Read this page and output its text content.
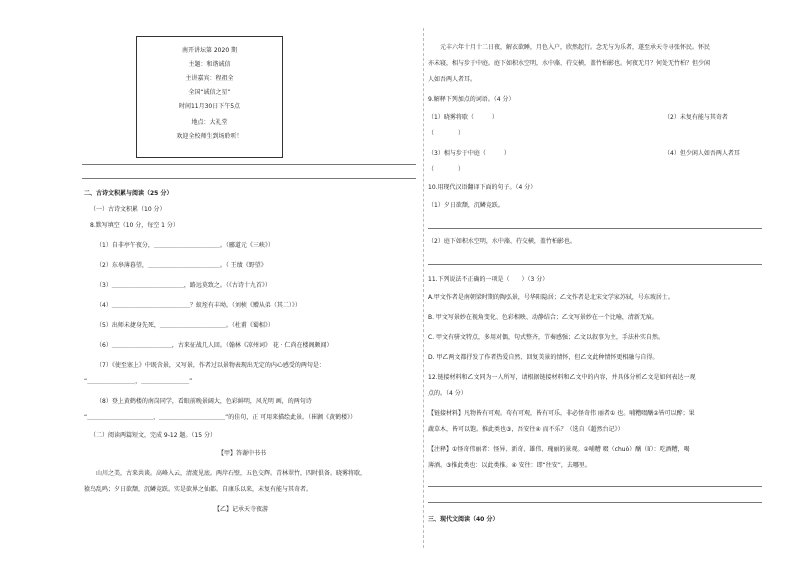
南开讲坛第 2020 期
主题：和谐诚信
主讲嘉宾：程祖全
全国“诚信之星”
时间11月30日下午5点
地点：大礼堂
欢迎全校师生到场聆听！
二、古诗文积累与阅读（25 分）
（一）古诗文积累（10 分）
8.默写填空（10 分，每空 1 分）
（1）自非亭午夜分，＿＿＿＿＿＿＿＿＿＿＿。（郦道元《三峡》）
（2）东皋薄暮望，＿＿＿＿＿＿＿＿＿＿＿＿。（ 王绩《野望》
（3）＿＿＿＿＿＿＿＿＿＿＿＿，路远莫致之。（《古诗十九首》）
（4）＿＿＿＿＿＿＿＿＿＿＿＿＿？蚁垤有丰坳。（刘桢《赠从弟（其二）》）
（5）出师未捷身先死，＿＿＿＿＿＿＿＿＿＿＿。（杜甫《蜀相》）
（6）＿＿＿＿＿＿＿＿＿＿，古来征战几人回。（翰林《凉州词》 花 · 仁尚在楼阁颇闻）
（7）《使至塞上》中既含景，又写景，作者过以景物表现出无定的内心感受的两句是：
“＿＿＿＿＿＿＿＿，＿＿＿＿＿＿＿＿”
（8）登上黄鹤楼的南岗同学，看眼前晚景阔大，色彩鲜明，风光明 画，的两句诗
“＿＿＿＿＿＿＿＿＿＿＿，＿＿＿＿＿＿＿＿＿＿＿”的佳句，正 可用来描绘此景。（崔颢《黄鹤楼》）
（二）阅读两篇短文，完成 9-12 题。（15 分）
【甲】答谢中书书
山川之美，古来共谈。高峰入云，清流见底。两岸石壁，五色交辉。青林翠竹，四时俱备。晓雾将歇，
猿鸟乱鸣；夕日欲颓，沉鳞竞跃。实是欲界之仙都。自康乐以来，未复有能与其奇者。
【乙】记承天寺夜游
元丰六年十月十二日夜，解衣欲睡，月色入户，欣然起行。念无与为乐者，遂至承天寺寻张怀民。怀民
亦未寝，相与步于中庭。庭下如积水空明，水中藻、荇交横，盖竹柏影也。何夜无月？何处无竹柏？但少闲
人如吾两人者耳。
9.解释下列加点的词语。（4 分）
（1）晓雾将歇（　　　）	（2）未复有能与其奇者
（　　　　）
（3）相与步于中庭（　　　）	（4）但少闲人如吾两人者耳
（　　　　）
10.用现代汉语翻译下面的句子。（4 分）
（1）夕日欲颓，沉鳞竞跃。
（2）庭下如积水空明，水中藻、荇交横，盖竹柏影也。
11.下列说法不正确的一项是（　　）（3 分）
A.甲文作者是南朝梁时期的陶弘景，号华阳隐居；乙文作者是北宋文学家苏轼，号东坡居士。
B. 甲文写景妙在视角变化、色彩相映、动静结合；乙文写景妙在一个比喻，清新无痕。
C. 甲文有骈文特点，多用对偶，句式整齐，节奏感强；乙文以叙事为主，手法朴实自然。
D. 甲乙两文都抒发了作者热爱自然、回复美景的情怀，但乙文此种情怀更相融与自得。
12.链接材料和乙文同为一人所写，请根据链接材料和乙文中的内容，并具体分析乙文是如何表达一观
点的。（4 分）
【链接材料】凡物皆有可观。苟有可观，皆有可乐，非必怪奇伟 丽者① 也。哺糟啜醨②皆可以醉；果
蔬草木，皆可以饱。推此类也③，吾安往④ 而不乐？（选自《超然台记》）
【注释】①怪奇伟丽者：怪异、新奇、雄伟、瑰丽的景观。②哺糟 啜（chuò）醨（lí）：吃酒糟，喝
薄酒。③推此类也：以此类推。④ 安往：即“往安”，去哪里。
三、现代文阅读（40 分）
